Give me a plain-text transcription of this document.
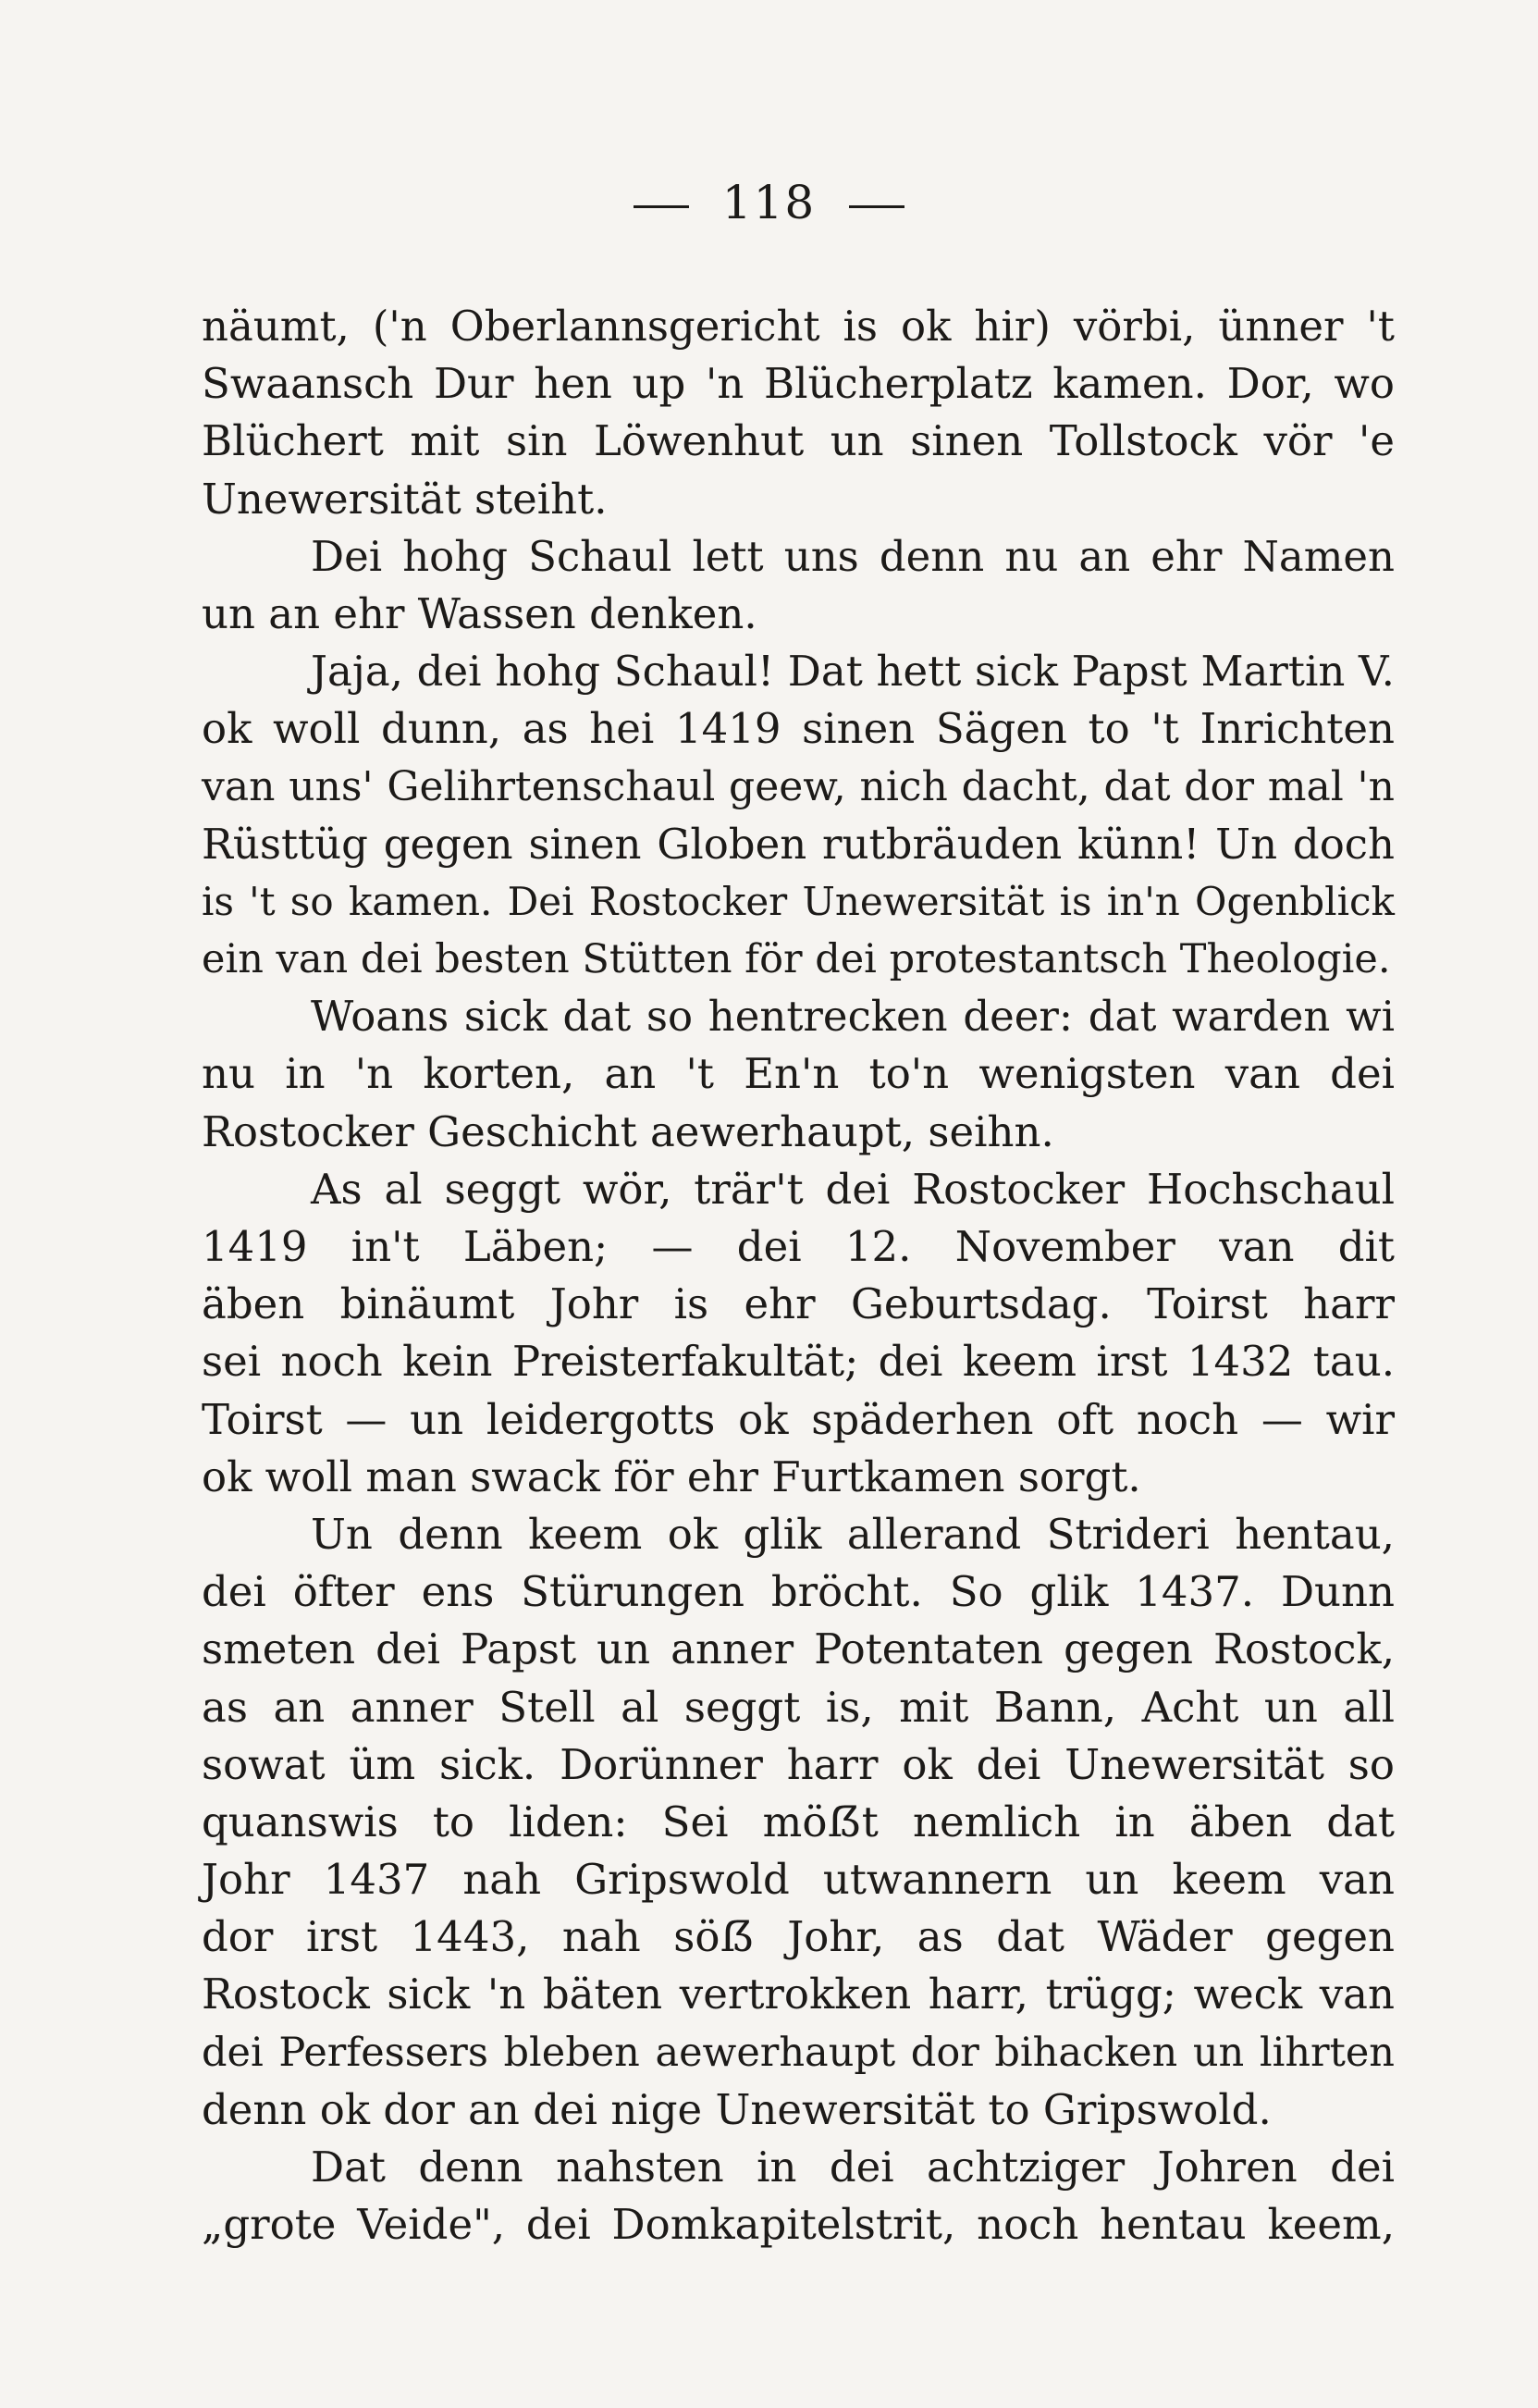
118
näumt, ('n Oberlannsgericht is ok hir) vörbi, ünner 't
Swaansch Dur hen up 'n Blücherplatz kamen. Dor, wo
Blüchert mit sin Löwenhut un sinen Tollstock vör 'e
Unewersität steiht.
Dei hohg Schaul lett uns denn nu an ehr Namen
un an ehr Wassen denken.
Jaja, dei hohg Schaul! Dat hett sick Papst Martin V.
ok woll dunn, as hei 1419 sinen Sägen to 't Inrichten
van uns' Gelihrtenschaul geew, nich dacht, dat dor mal 'n
Rüsttüg gegen sinen Globen rutbräuden künn! Un doch
is 't so kamen. Dei Rostocker Unewersität is in'n Ogenblick
ein van dei besten Stütten för dei protestantsch Theologie.
Woans sick dat so hentrecken deer: dat warden wi
nu in 'n korten, an 't En'n to'n wenigsten van dei
Rostocker Geschicht aewerhaupt, seihn.
As al seggt wör, trär't dei Rostocker Hochschaul
1419 in't Läben; — dei 12. November van dit
äben binäumt Johr is ehr Geburtsdag. Toirst harr
sei noch kein Preisterfakultät; dei keem irst 1432 tau.
Toirst — un leidergotts ok späderhen oft noch — wir
ok woll man swack för ehr Furtkamen sorgt.
Un denn keem ok glik allerand Strideri hentau,
dei öfter ens Stürungen bröcht. So glik 1437. Dunn
smeten dei Papst un anner Potentaten gegen Rostock,
as an anner Stell al seggt is, mit Bann, Acht un all
sowat üm sick. Dorünner harr ok dei Unewersität so
quanswis to liden: Sei möẞt nemlich in äben dat
Johr 1437 nah Gripswold utwannern un keem van
dor irst 1443, nah söẞ Johr, as dat Wäder gegen
Rostock sick 'n bäten vertrokken harr, trügg; weck van
dei Perfessers bleben aewerhaupt dor bihacken un lihrten
denn ok dor an dei nige Unewersität to Gripswold.
Dat denn nahsten in dei achtziger Johren dei
„grote Veide", dei Domkapitelstrit, noch hentau keem,
